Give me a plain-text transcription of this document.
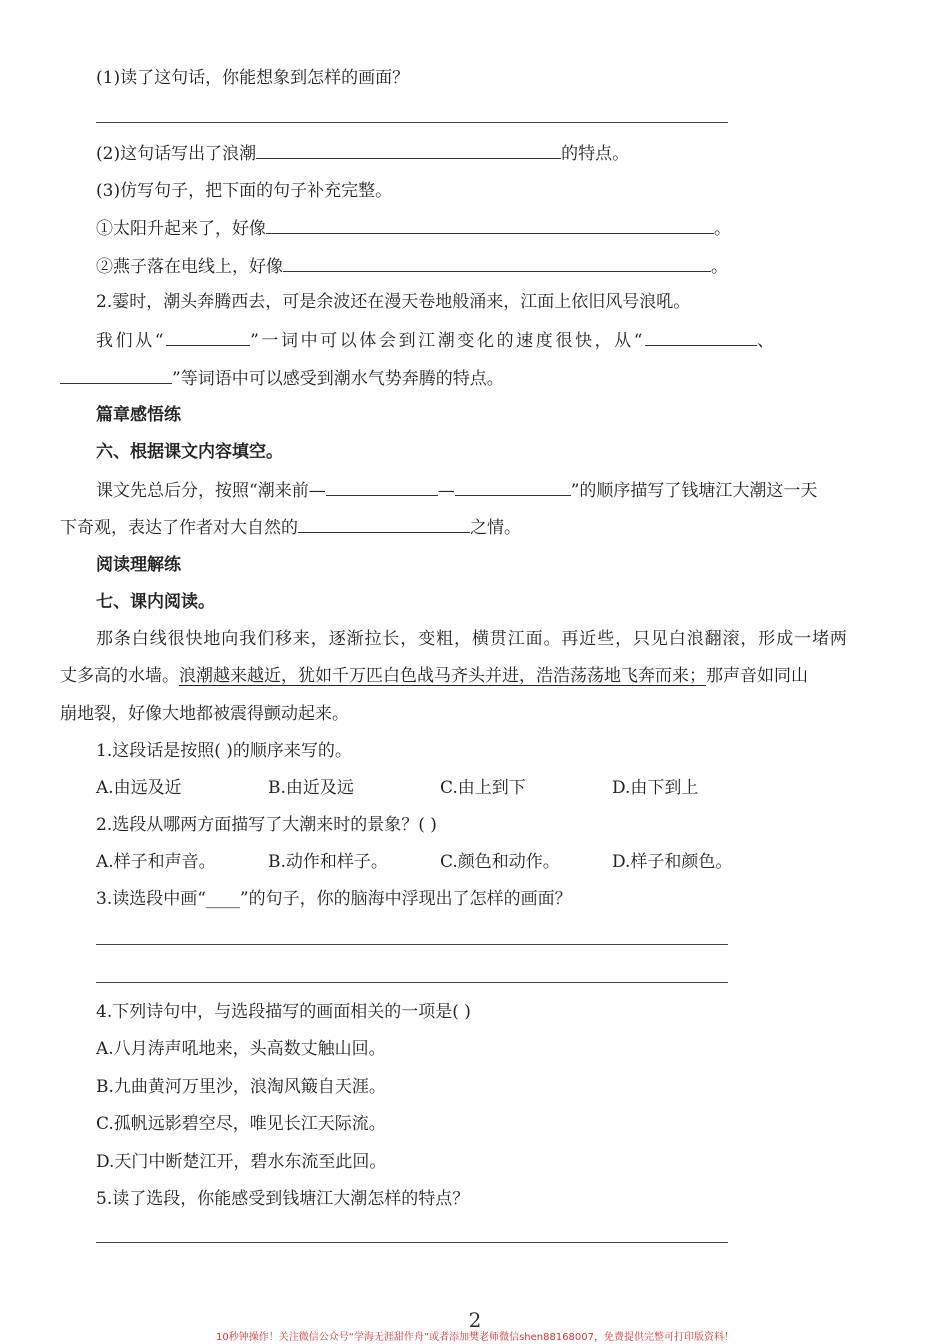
(1)读了这句话，你能想象到怎样的画面？
(2)这句话写出了浪潮	的特点。
(3)仿写句子，把下面的句子补充完整。
①太阳升起来了，好像	。
②燕子落在电线上，好像	。
2.霎时，潮头奔腾西去，可是余波还在漫天卷地般涌来，江面上依旧风号浪吼。
我们从“	”一词中可以体会到江潮变化的速度很快，从“	、
”等词语中可以感受到潮水气势奔腾的特点。
篇章感悟练
六、根据课文内容填空。
课文先总后分，按照“潮来前—	—	”的顺序描写了钱塘江大潮这一天
下奇观，表达了作者对大自然的	之情。
阅读理解练
七、课内阅读。
那条白线很快地向我们移来，逐渐拉长，变粗，横贯江面。再近些，只见白浪翻滚，形成一堵两
丈多高的水墙。浪潮越来越近，犹如千万匹白色战马齐头并进，浩浩荡荡地飞奔而来；那声音如同山
崩地裂，好像大地都被震得颤动起来。
1.这段话是按照( )的顺序来写的。
A.由远及近	B.由近及远	C.由上到下	D.由下到上
2.选段从哪两方面描写了大潮来时的景象？( )
A.样子和声音。	B.动作和样子。	C.颜色和动作。	D.样子和颜色。
3.读选段中画“____”的句子，你的脑海中浮现出了怎样的画面？
4.下列诗句中，与选段描写的画面相关的一项是( )
A.八月涛声吼地来，头高数丈触山回。
B.九曲黄河万里沙，浪淘风簸自天涯。
C.孤帆远影碧空尽，唯见长江天际流。
D.天门中断楚江开，碧水东流至此回。
5.读了选段，你能感受到钱塘江大潮怎样的特点？
2
10秒钟操作！关注微信公众号“学海无涯甜作舟”或者添加樊老师微信shen88168007，免费提供完整可打印版资料！
